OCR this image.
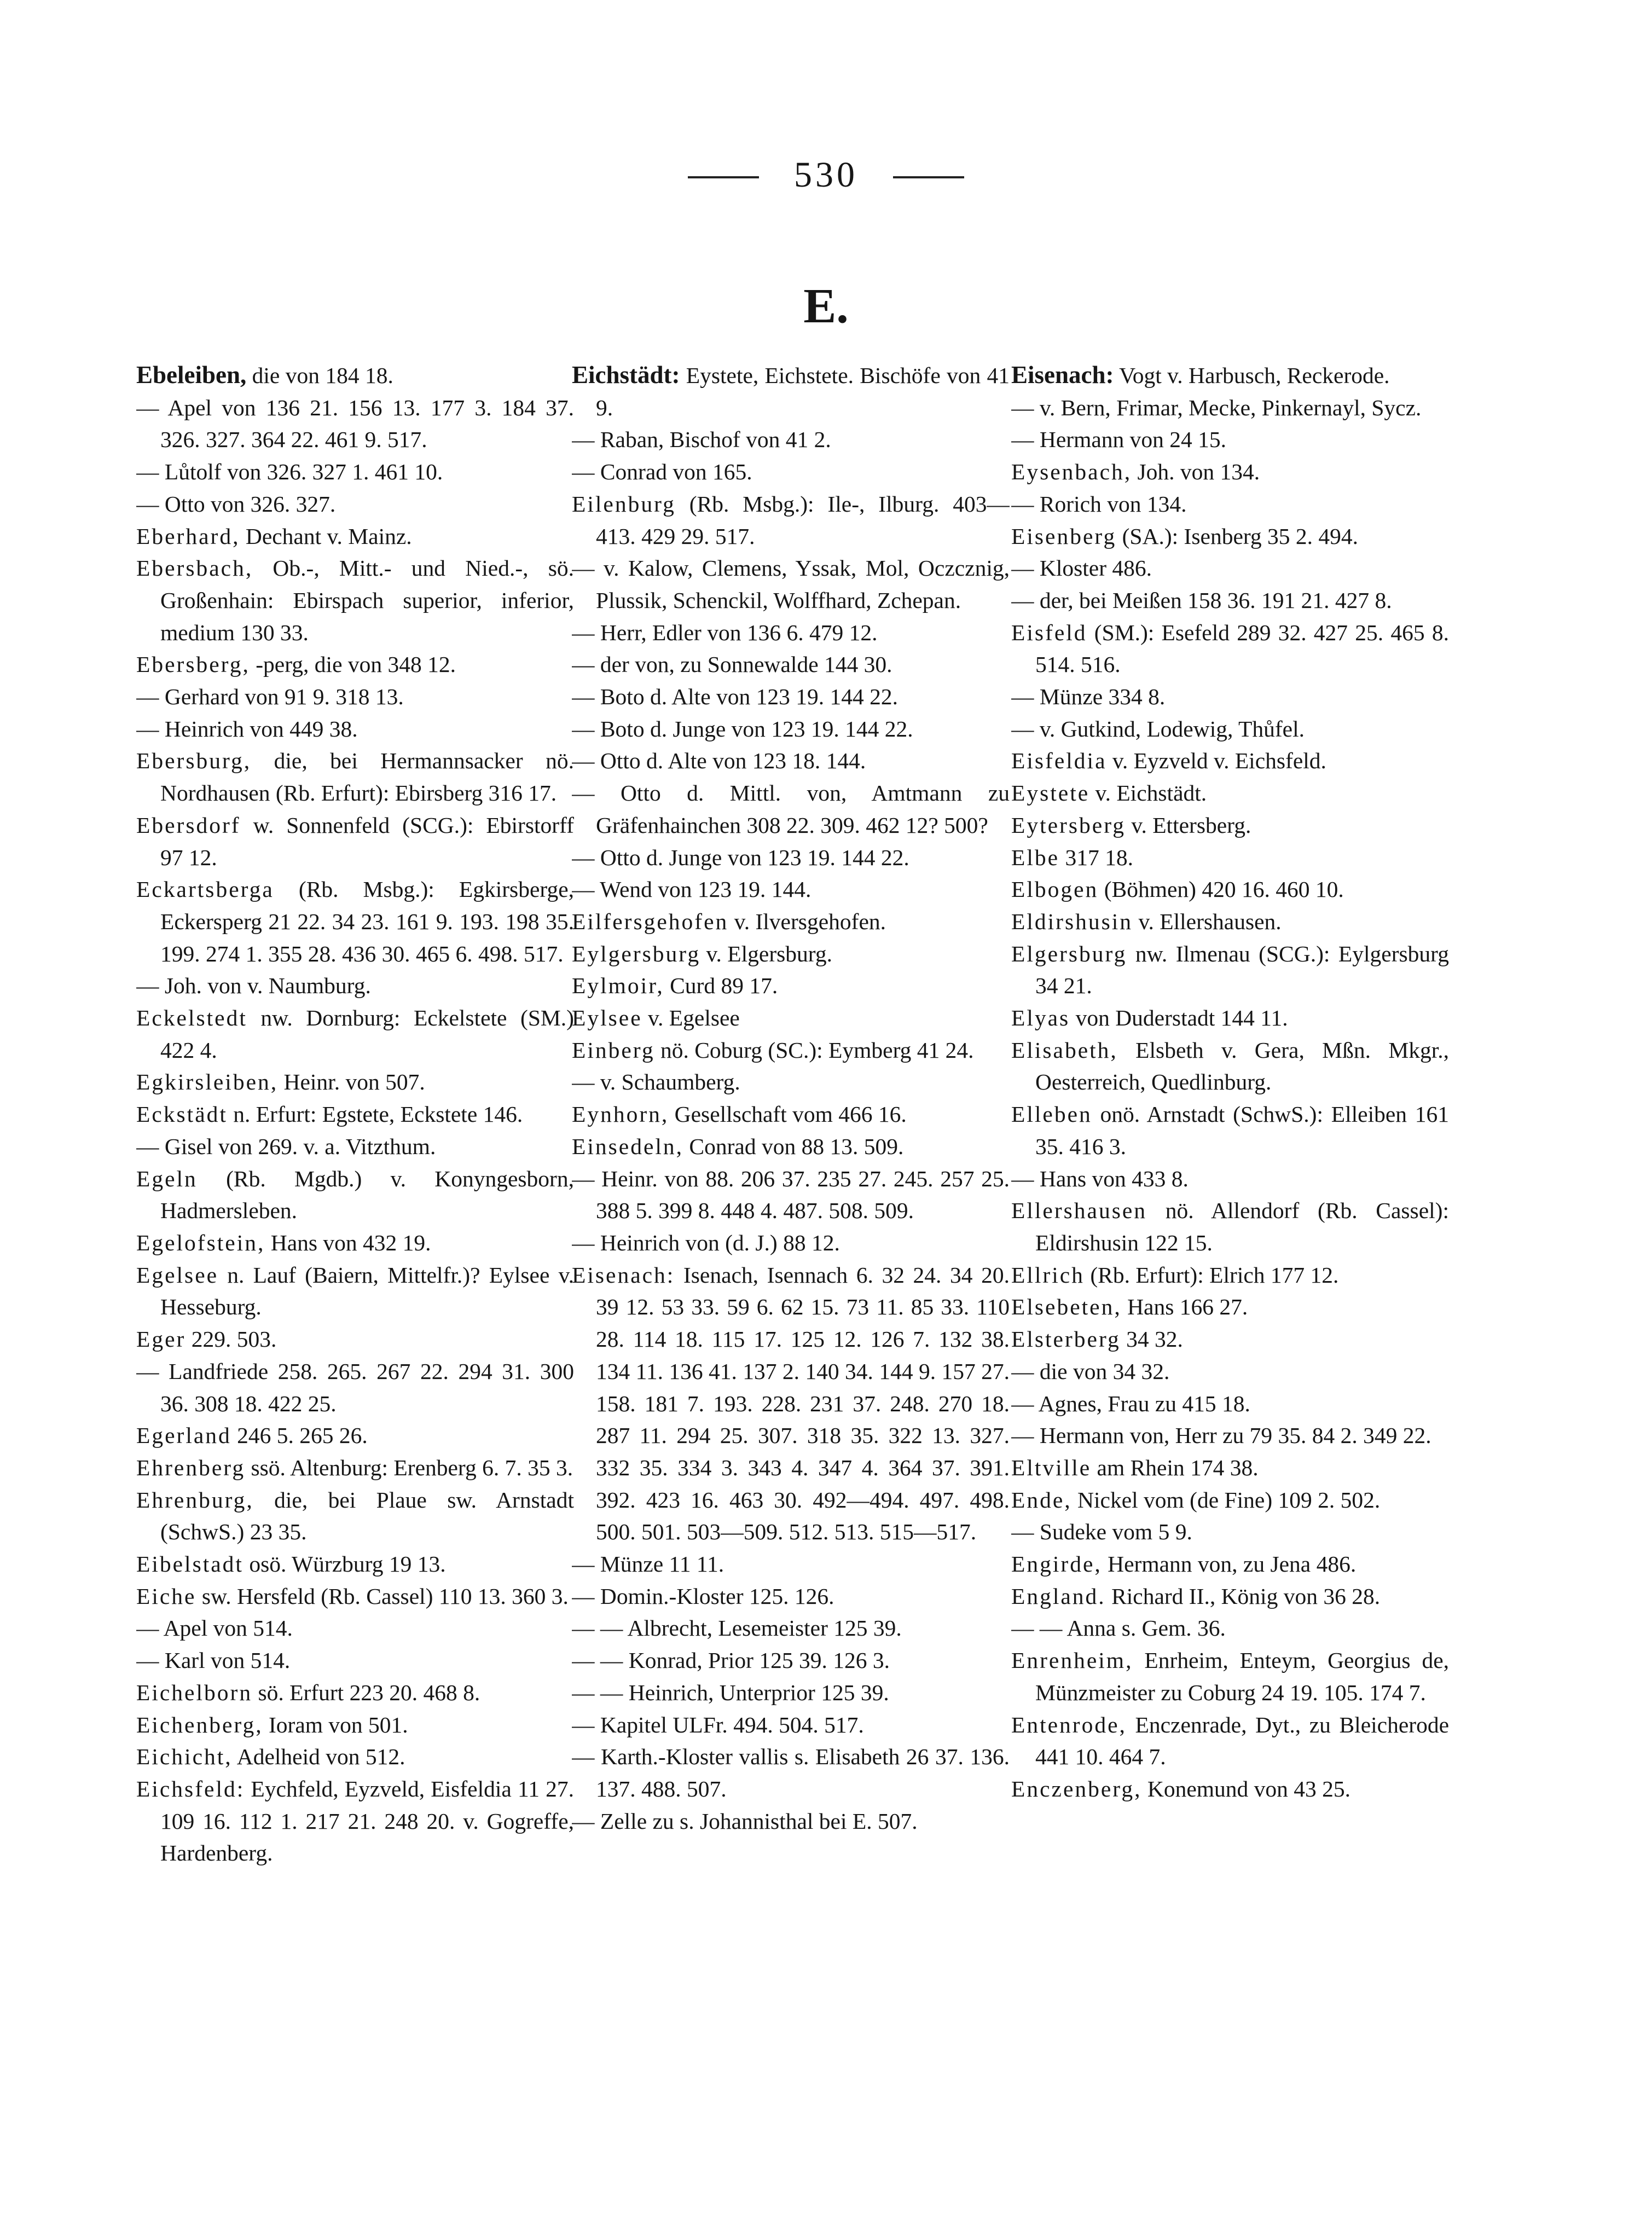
530
E.
Ebeleiben, die von 184 18.
— Apel von 136 21. 156 13. 177 3. 184 37. 326. 327. 364 22. 461 9. 517.
— Lůtolf von 326. 327 1. 461 10.
— Otto von 326. 327.
Eberhard, Dechant v. Mainz.
Ebersbach, Ob.-, Mitt.- und Nied.-, sö. Großenhain: Ebirspach superior, inferior, medium 130 33.
Ebersberg, -perg, die von 348 12.
— Gerhard von 91 9. 318 13.
— Heinrich von 449 38.
Ebersburg, die, bei Hermannsacker nö. Nordhausen (Rb. Erfurt): Ebirsberg 316 17.
Ebersdorf w. Sonnenfeld (SCG.): Ebirstorff 97 12.
Eckartsberga (Rb. Msbg.): Egkirsberge, Eckersperg 21 22. 34 23. 161 9. 193. 198 35. 199. 274 1. 355 28. 436 30. 465 6. 498. 517.
— Joh. von v. Naumburg.
Eckelstedt nw. Dornburg: Eckelstete (SM.) 422 4.
Egkirsleiben, Heinr. von 507.
Eckstädt n. Erfurt: Egstete, Eckstete 146.
— Gisel von 269. v. a. Vitzthum.
Egeln (Rb. Mgdb.) v. Konyngesborn, Hadmersleben.
Egelofstein, Hans von 432 19.
Egelsee n. Lauf (Baiern, Mittelfr.)? Eylsee v. Hesseburg.
Eger 229. 503.
— Landfriede 258. 265. 267 22. 294 31. 300 36. 308 18. 422 25.
Egerland 246 5. 265 26.
Ehrenberg ssö. Altenburg: Erenberg 6. 7. 35 3.
Ehrenburg, die, bei Plaue sw. Arnstadt (SchwS.) 23 35.
Eibelstadt osö. Würzburg 19 13.
Eiche sw. Hersfeld (Rb. Cassel) 110 13. 360 3.
— Apel von 514.
— Karl von 514.
Eichelborn sö. Erfurt 223 20. 468 8.
Eichenberg, Ioram von 501.
Eichicht, Adelheid von 512.
Eichsfeld: Eychfeld, Eyzveld, Eisfeldia 11 27. 109 16. 112 1. 217 21. 248 20. v. Gogreffe, Hardenberg.
Eichstädt: Eystete, Eichstete. Bischöfe von 41 9.
— Raban, Bischof von 41 2.
— Conrad von 165.
Eilenburg (Rb. Msbg.): Ile-, Ilburg. 403—413. 429 29. 517.
— v. Kalow, Clemens, Yssak, Mol, Oczcznig, Plussik, Schenckil, Wolffhard, Zchepan.
— Herr, Edler von 136 6. 479 12.
— der von, zu Sonnewalde 144 30.
— Boto d. Alte von 123 19. 144 22.
— Boto d. Junge von 123 19. 144 22.
— Otto d. Alte von 123 18. 144.
— Otto d. Mittl. von, Amtmann zu Gräfenhainchen 308 22. 309. 462 12? 500?
— Otto d. Junge von 123 19. 144 22.
— Wend von 123 19. 144.
Eilfersgehofen v. Ilversgehofen.
Eylgersburg v. Elgersburg.
Eylmoir, Curd 89 17.
Eylsee v. Egelsee
Einberg nö. Coburg (SC.): Eymberg 41 24.
— v. Schaumberg.
Eynhorn, Gesellschaft vom 466 16.
Einsedeln, Conrad von 88 13. 509.
— Heinr. von 88. 206 37. 235 27. 245. 257 25. 388 5. 399 8. 448 4. 487. 508. 509.
— Heinrich von (d. J.) 88 12.
Eisenach: Isenach, Isennach 6. 32 24. 34 20. 39 12. 53 33. 59 6. 62 15. 73 11. 85 33. 110 28. 114 18. 115 17. 125 12. 126 7. 132 38. 134 11. 136 41. 137 2. 140 34. 144 9. 157 27. 158. 181 7. 193. 228. 231 37. 248. 270 18. 287 11. 294 25. 307. 318 35. 322 13. 327. 332 35. 334 3. 343 4. 347 4. 364 37. 391. 392. 423 16. 463 30. 492—494. 497. 498. 500. 501. 503—509. 512. 513. 515—517.
— Münze 11 11.
— Domin.-Kloster 125. 126.
— — Albrecht, Lesemeister 125 39.
— — Konrad, Prior 125 39. 126 3.
— — Heinrich, Unterprior 125 39.
— Kapitel ULFr. 494. 504. 517.
— Karth.-Kloster vallis s. Elisabeth 26 37. 136. 137. 488. 507.
— Zelle zu s. Johannisthal bei E. 507.
Eisenach: Vogt v. Harbusch, Reckerode.
— v. Bern, Frimar, Mecke, Pinkernayl, Sycz.
— Hermann von 24 15.
Eysenbach, Joh. von 134.
— Rorich von 134.
Eisenberg (SA.): Isenberg 35 2. 494.
— Kloster 486.
— der, bei Meißen 158 36. 191 21. 427 8.
Eisfeld (SM.): Esefeld 289 32. 427 25. 465 8. 514. 516.
— Münze 334 8.
— v. Gutkind, Lodewig, Thůfel.
Eisfeldia v. Eyzveld v. Eichsfeld.
Eystete v. Eichstädt.
Eytersberg v. Ettersberg.
Elbe 317 18.
Elbogen (Böhmen) 420 16. 460 10.
Eldirshusin v. Ellershausen.
Elgersburg nw. Ilmenau (SCG.): Eylgersburg 34 21.
Elyas von Duderstadt 144 11.
Elisabeth, Elsbeth v. Gera, Mßn. Mkgr., Oesterreich, Quedlinburg.
Elleben onö. Arnstadt (SchwS.): Elleiben 161 35. 416 3.
— Hans von 433 8.
Ellershausen nö. Allendorf (Rb. Cassel): Eldirshusin 122 15.
Ellrich (Rb. Erfurt): Elrich 177 12.
Elsebeten, Hans 166 27.
Elsterberg 34 32.
— die von 34 32.
— Agnes, Frau zu 415 18.
— Hermann von, Herr zu 79 35. 84 2. 349 22.
Eltville am Rhein 174 38.
Ende, Nickel vom (de Fine) 109 2. 502.
— Sudeke vom 5 9.
Engirde, Hermann von, zu Jena 486.
England. Richard II., König von 36 28.
— — Anna s. Gem. 36.
Enrenheim, Enrheim, Enteym, Georgius de, Münzmeister zu Coburg 24 19. 105. 174 7.
Entenrode, Enczenrade, Dyt., zu Bleicherode 441 10. 464 7.
Enczenberg, Konemund von 43 25.
